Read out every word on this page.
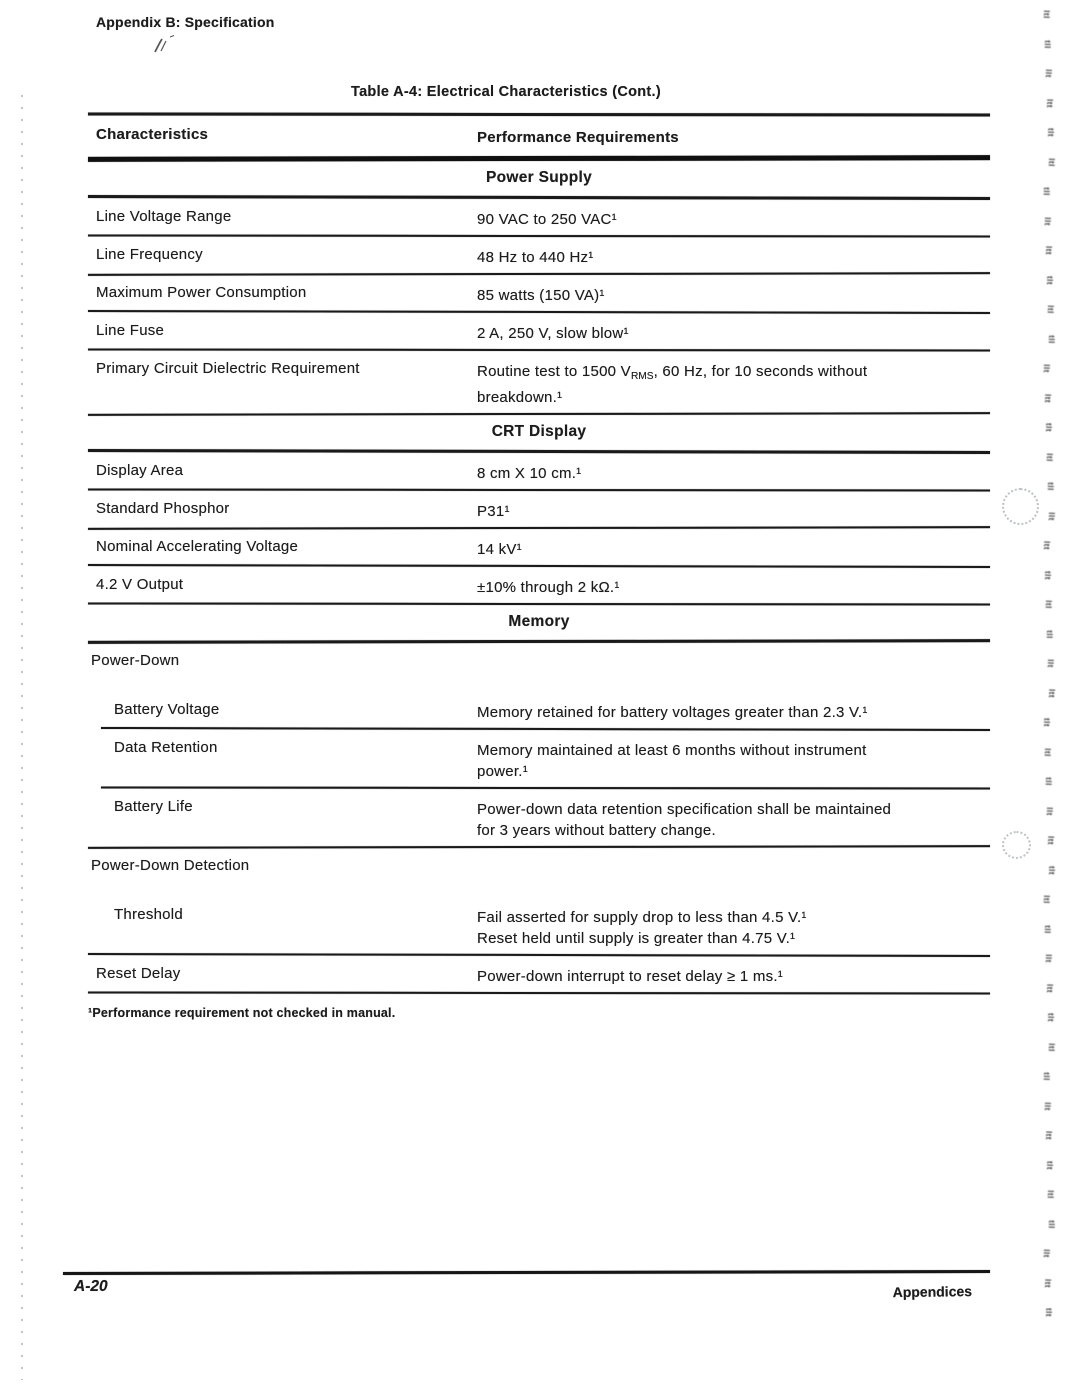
Appendix B: Specification
Table A-4: Electrical Characteristics (Cont.)
Characteristics	Performance Requirements
Power Supply
Line Voltage Range	90 VAC to 250 VAC¹
Line Frequency	48 Hz to 440 Hz¹
Maximum Power Consumption	85 watts (150 VA)¹
Line Fuse	2 A, 250 V, slow blow¹
Primary Circuit Dielectric Requirement	Routine test to 1500 $V_{RMS}$, 60 Hz, for 10 seconds without
breakdown.¹
CRT Display
Display Area	8 cm X 10 cm.¹
Standard Phosphor	P31¹
Nominal Accelerating Voltage	14 kV¹
4.2 V Output	±10% through 2 kΩ.¹
Memory
Power-Down
Battery Voltage	Memory retained for battery voltages greater than 2.3 V.¹
Data Retention	Memory maintained at least 6 months without instrument
power.¹
Battery Life	Power-down data retention specification shall be maintained
for 3 years without battery change.
Power-Down Detection
Threshold	Fail asserted for supply drop to less than 4.5 V.¹
Reset held until supply is greater than 4.75 V.¹
Reset Delay	Power-down interrupt to reset delay ≥ 1 ms.¹
¹Performance requirement not checked in manual.
A-20	Appendices
ltl
tll
llt
ltt
tlt
ltl
tll
llt
ltt
tlt
ltl
tll
llt
ltt
tlt
ltl
tll
llt
ltt
tlt
ltl
tll
llt
ltt
tlt
ltl
tll
llt
ltt
tlt
ltl
tll
llt
ltt
tlt
ltl
tll
llt
ltt
tlt
ltl
tll
llt
ltt
tlt
